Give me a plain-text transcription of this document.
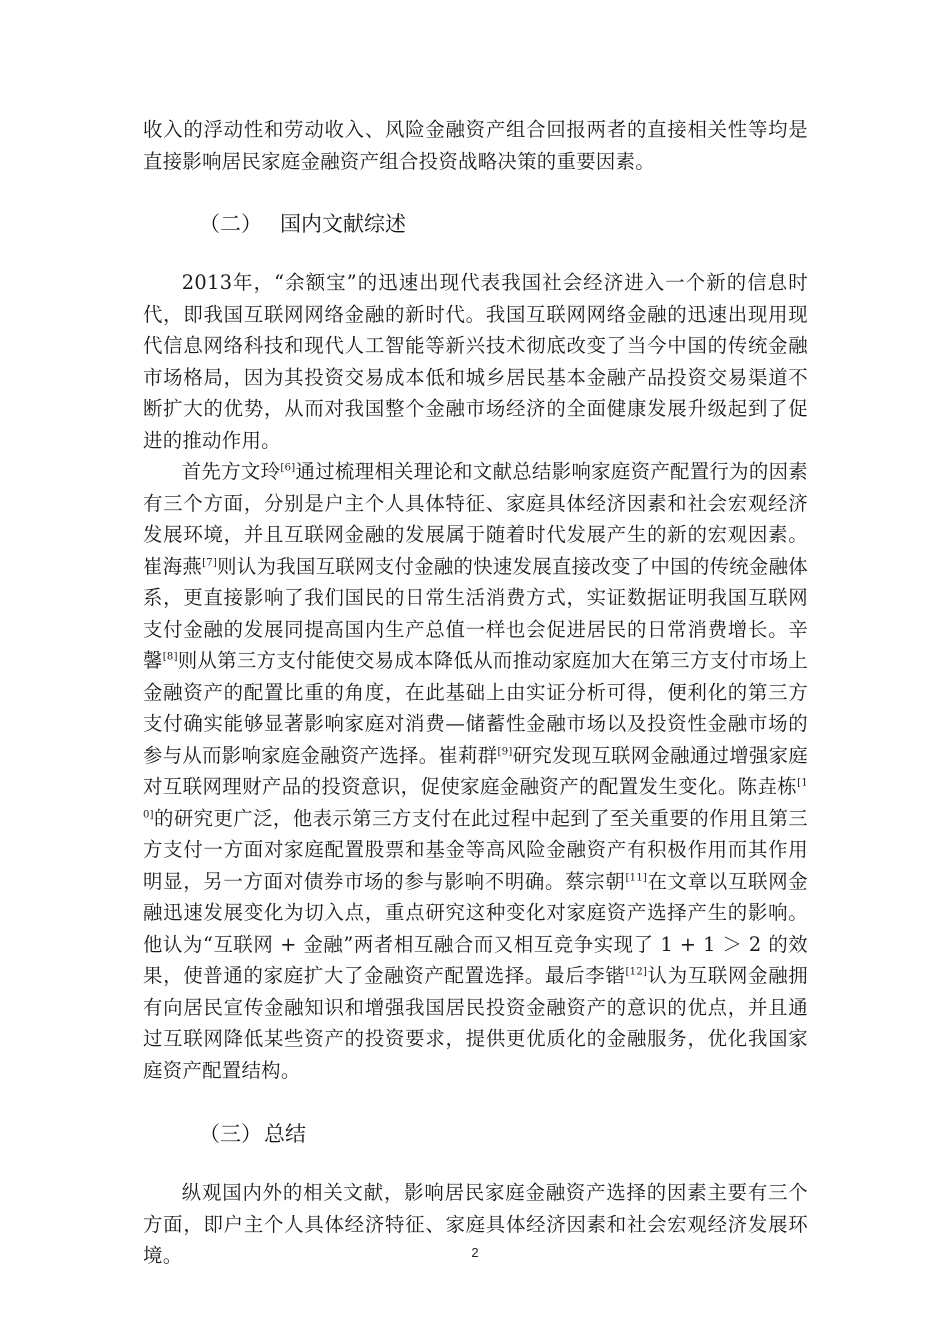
收入的浮动性和劳动收入、风险金融资产组合回报两者的直接相关性等均是直接影响居民家庭金融资产组合投资战略决策的重要因素。

（二） 国内文献综述

2013年，“余额宝”的迅速出现代表我国社会经济进入一个新的信息时代，即我国互联网网络金融的新时代。我国互联网网络金融的迅速出现用现代信息网络科技和现代人工智能等新兴技术彻底改变了当今中国的传统金融市场格局，因为其投资交易成本低和城乡居民基本金融产品投资交易渠道不断扩大的优势，从而对我国整个金融市场经济的全面健康发展升级起到了促进的推动作用。

首先方文玲[6]通过梳理相关理论和文献总结影响家庭资产配置行为的因素有三个方面，分别是户主个人具体特征、家庭具体经济因素和社会宏观经济发展环境，并且互联网金融的发展属于随着时代发展产生的新的宏观因素。崔海燕[7]则认为我国互联网支付金融的快速发展直接改变了中国的传统金融体系，更直接影响了我们国民的日常生活消费方式，实证数据证明我国互联网支付金融的发展同提高国内生产总值一样也会促进居民的日常消费增长。辛馨[8]则从第三方支付能使交易成本降低从而推动家庭加大在第三方支付市场上金融资产的配置比重的角度，在此基础上由实证分析可得，便利化的第三方支付确实能够显著影响家庭对消费—储蓄性金融市场以及投资性金融市场的参与从而影响家庭金融资产选择。崔莉群[9]研究发现互联网金融通过增强家庭对互联网理财产品的投资意识，促使家庭金融资产的配置发生变化。陈垚栋[10]的研究更广泛，他表示第三方支付在此过程中起到了至关重要的作用且第三方支付一方面对家庭配置股票和基金等高风险金融资产有积极作用而其作用明显，另一方面对债券市场的参与影响不明确。蔡宗朝[11]在文章以互联网金融迅速发展变化为切入点，重点研究这种变化对家庭资产选择产生的影响。他认为“互联网 + 金融”两者相互融合而又相互竞争实现了 1 + 1 ＞ 2 的效果，使普通的家庭扩大了金融资产配置选择。最后李锴[12]认为互联网金融拥有向居民宣传金融知识和增强我国居民投资金融资产的意识的优点，并且通过互联网降低某些资产的投资要求，提供更优质化的金融服务，优化我国家庭资产配置结构。

（三）总结

纵观国内外的相关文献，影响居民家庭金融资产选择的因素主要有三个方面，即户主个人具体经济特征、家庭具体经济因素和社会宏观经济发展环境。	2
